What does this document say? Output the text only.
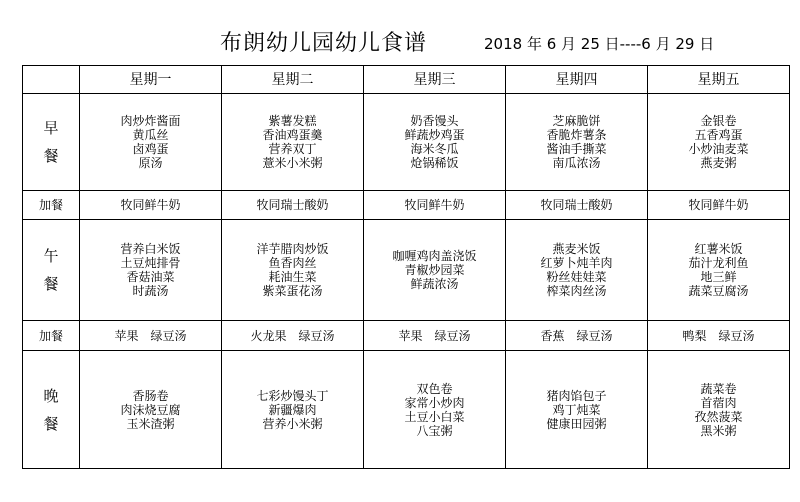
布朗幼儿园幼儿食谱	2018 年 6 月 25 日----6 月 29 日
	星期一	星期二	星期三	星期四	星期五

早
餐	肉炒炸酱面
黄瓜丝
卤鸡蛋
原汤	紫薯发糕
香油鸡蛋羹
营养双丁
薏米小米粥	奶香馒头
鲜蔬炒鸡蛋
海米冬瓜
炝锅稀饭	芝麻脆饼
香脆炸薯条
酱油手撕菜
南瓜浓汤	金银卷
五香鸡蛋
小炒油麦菜
燕麦粥

加餐	牧同鲜牛奶	牧同瑞士酸奶	牧同鲜牛奶	牧同瑞士酸奶	牧同鲜牛奶

午
餐	营养白米饭
土豆炖排骨
香菇油菜
时蔬汤	洋芋腊肉炒饭
鱼香肉丝
耗油生菜
紫菜蛋花汤	咖喱鸡肉盖浇饭
青椒炒园菜
鲜蔬浓汤	燕麦米饭
红萝卜炖羊肉
粉丝娃娃菜
榨菜肉丝汤	红薯米饭
茄汁龙利鱼
地三鲜
蔬菜豆腐汤

加餐	苹果　绿豆汤	火龙果　绿豆汤	苹果　绿豆汤	香蕉　绿豆汤	鸭梨　绿豆汤

晚
餐	香肠卷
肉沫烧豆腐
玉米渣粥	七彩炒馒头丁
新疆爆肉
营养小米粥	双色卷
家常小炒肉
土豆小白菜
八宝粥	猪肉馅包子
鸡丁炖菜
健康田园粥	蔬菜卷
首蓿肉
孜然菠菜
黑米粥
